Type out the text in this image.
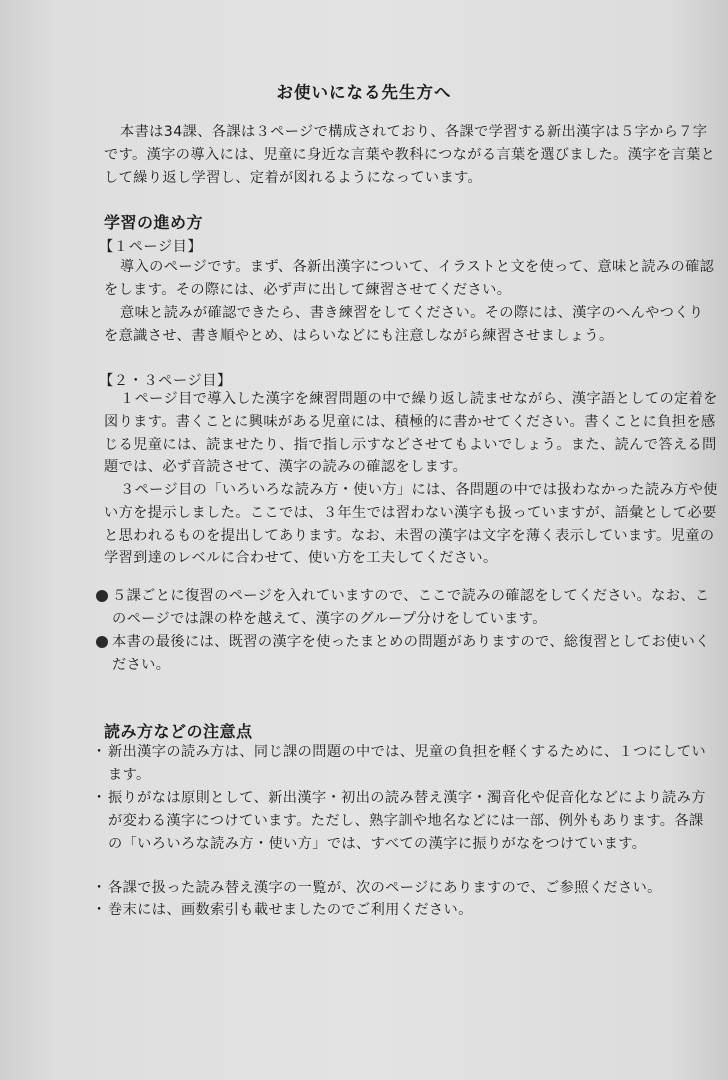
お使いになる先生方へ

本書は34課、各課は３ページで構成されており、各課で学習する新出漢字は５字から７字です。漢字の導入には、児童に身近な言葉や教科につながる言葉を選びました。漢字を言葉として繰り返し学習し、定着が図れるようになっています。

学習の進め方
【１ページ目】

導入のページです。まず、各新出漢字について、イラストと文を使って、意味と読みの確認をします。その際には、必ず声に出して練習させてください。

意味と読みが確認できたら、書き練習をしてください。その際には、漢字のへんやつくりを意識させ、書き順やとめ、はらいなどにも注意しながら練習させましょう。

【２・３ページ目】

１ページ目で導入した漢字を練習問題の中で繰り返し読ませながら、漢字語としての定着を図ります。書くことに興味がある児童には、積極的に書かせてください。書くことに負担を感じる児童には、読ませたり、指で指し示すなどさせてもよいでしょう。また、読んで答える問題では、必ず音読させて、漢字の読みの確認をします。

３ページ目の「いろいろな読み方・使い方」には、各問題の中では扱わなかった読み方や使い方を提示しました。ここでは、３年生では習わない漢字も扱っていますが、語彙として必要と思われるものを提出してあります。なお、未習の漢字は文字を薄く表示しています。児童の学習到達のレベルに合わせて、使い方を工夫してください。

５課ごとに復習のページを入れていますので、ここで読みの確認をしてください。なお、このページでは課の枠を越えて、漢字のグループ分けをしています。
本書の最後には、既習の漢字を使ったまとめの問題がありますので、総復習としてお使いください。
読み方などの注意点
・ 新出漢字の読み方は、同じ課の問題の中では、児童の負担を軽くするために、１つにしています。
・ 振りがなは原則として、新出漢字・初出の読み替え漢字・濁音化や促音化などにより読み方が変わる漢字につけています。ただし、熟字訓や地名などには一部、例外もあります。各課の「いろいろな読み方・使い方」では、すべての漢字に振りがなをつけています。
・ 各課で扱った読み替え漢字の一覧が、次のページにありますので、ご参照ください。
・ 巻末には、画数索引も載せましたのでご利用ください。
